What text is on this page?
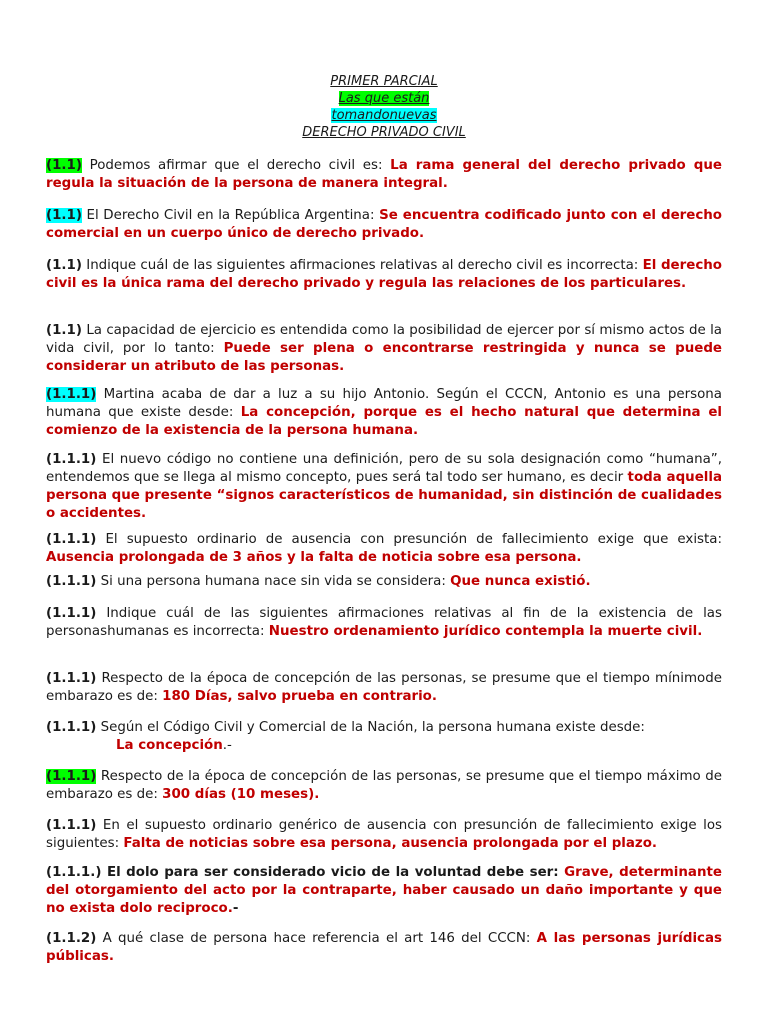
PRIMER PARCIAL
Las que están
tomandonuevas
DERECHO PRIVADO CIVIL

(1.1) Podemos afirmar que el derecho civil es: La rama general del derecho privado que regula la situación de la persona de manera integral.

(1.1) El Derecho Civil en la República Argentina: Se encuentra codificado junto con el derecho comercial en un cuerpo único de derecho privado.

(1.1) Indique cuál de las siguientes afirmaciones relativas al derecho civil es incorrecta: El derecho civil es la única rama del derecho privado y regula las relaciones de los particulares.

(1.1) La capacidad de ejercicio es entendida como la posibilidad de ejercer por sí mismo actos de la vida civil, por lo tanto: Puede ser plena o encontrarse restringida y nunca se puede considerar un atributo de las personas.

(1.1.1) Martina acaba de dar a luz a su hijo Antonio. Según el CCCN, Antonio es una persona humana que existe desde: La concepción, porque es el hecho natural que determina el comienzo de la existencia de la persona humana.

(1.1.1) El nuevo código no contiene una definición, pero de su sola designación como “humana”, entendemos que se llega al mismo concepto, pues será tal todo ser humano, es decir toda aquella persona que presente “signos característicos de humanidad, sin distinción de cualidades o accidentes.

(1.1.1) El supuesto ordinario de ausencia con presunción de fallecimiento exige que exista: Ausencia prolongada de 3 años y la falta de noticia sobre esa persona.

(1.1.1) Si una persona humana nace sin vida se considera: Que nunca existió.

(1.1.1) Indique cuál de las siguientes afirmaciones relativas al fin de la existencia de las personashumanas es incorrecta: Nuestro ordenamiento jurídico contempla la muerte civil.

(1.1.1) Respecto de la época de concepción de las personas, se presume que el tiempo mínimode embarazo es de: 180 Días, salvo prueba en contrario.

(1.1.1) Según el Código Civil y Comercial de la Nación, la persona humana existe desde:

La concepción.-

(1.1.1) Respecto de la época de concepción de las personas, se presume que el tiempo máximo de embarazo es de: 300 días (10 meses).

(1.1.1) En el supuesto ordinario genérico de ausencia con presunción de fallecimiento exige los siguientes: Falta de noticias sobre esa persona, ausencia prolongada por el plazo.

(1.1.1.) El dolo para ser considerado vicio de la voluntad debe ser: Grave, determinante del otorgamiento del acto por la contraparte, haber causado un daño importante y que no exista dolo reciproco.-

(1.1.2) A qué clase de persona hace referencia el art 146 del CCCN: A las personas jurídicas públicas.
